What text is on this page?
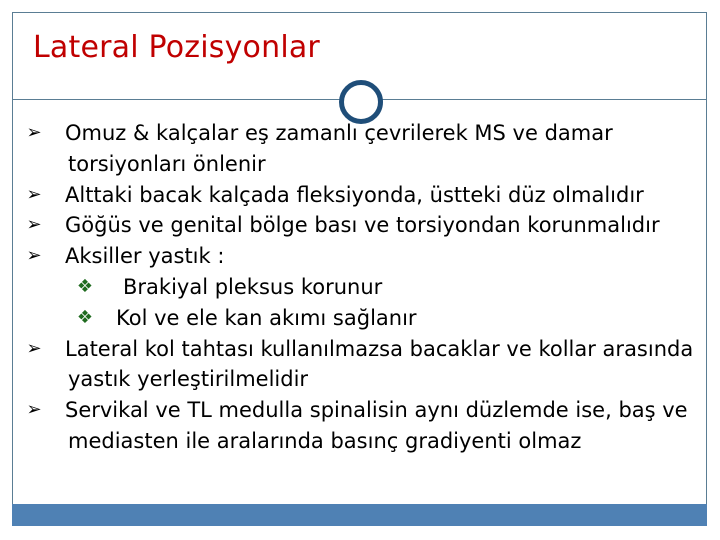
Lateral Pozisyonlar
➢ Omuz & kalçalar eş zamanlı çevrilerek MS ve damar
torsiyonları önlenir
➢ Alttaki bacak kalçada fleksiyonda, üstteki düz olmalıdır
➢ Göğüs ve genital bölge bası ve torsiyondan korunmalıdır
➢ Aksiller yastık :
❖ Brakiyal pleksus korunur
❖ Kol ve ele kan akımı sağlanır
➢ Lateral kol tahtası kullanılmazsa bacaklar ve kollar arasında
yastık yerleştirilmelidir
➢ Servikal ve TL medulla spinalisin aynı düzlemde ise, baş ve
mediasten ile aralarında basınç gradiyenti olmaz
